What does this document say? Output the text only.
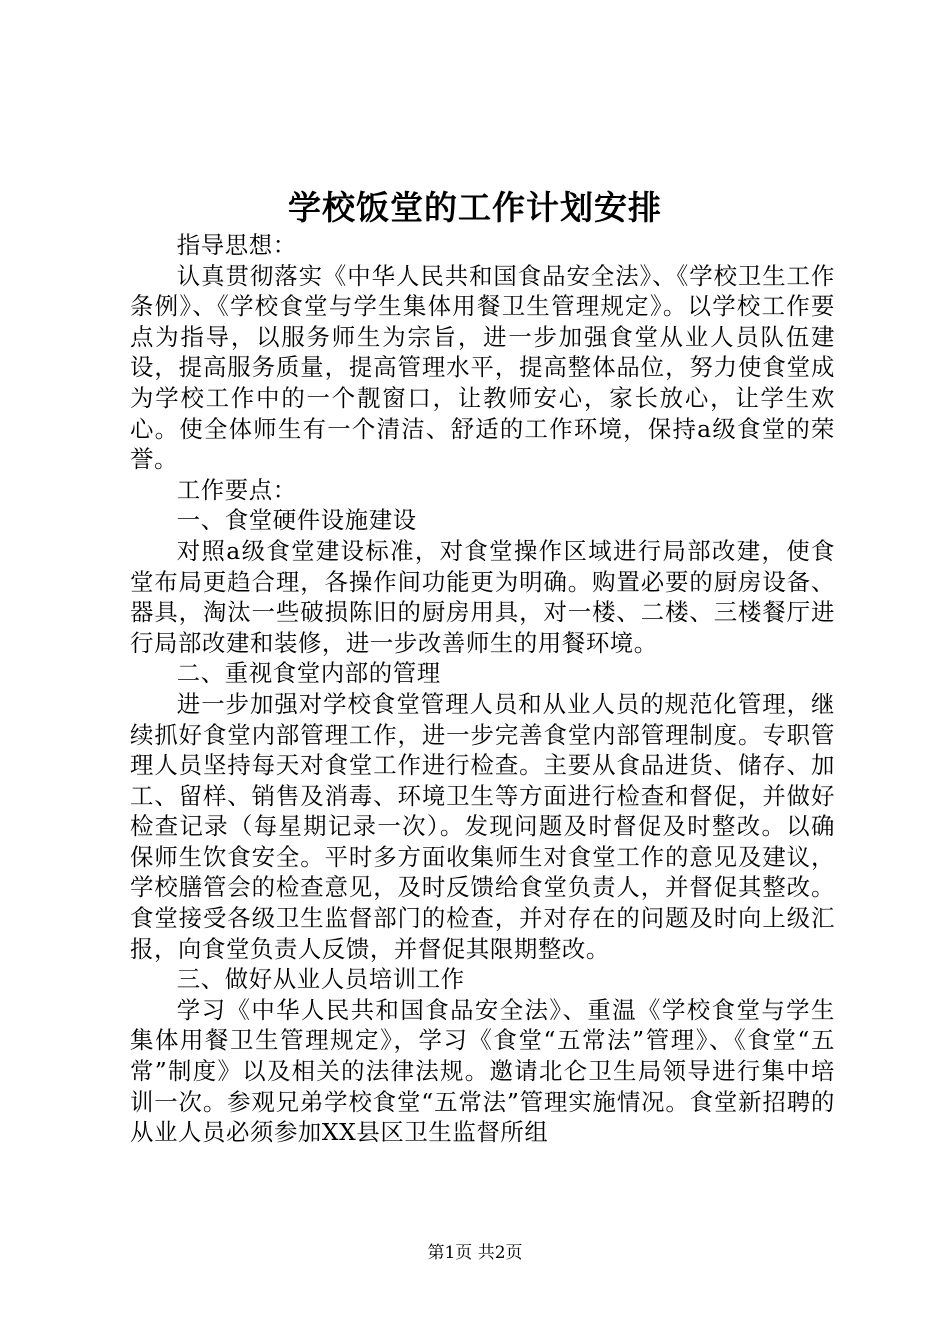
学校饭堂的工作计划安排

指导思想：

认真贯彻落实《中华人民共和国食品安全法》、《学校卫生工作条例》、《学校食堂与学生集体用餐卫生管理规定》。以学校工作要点为指导，以服务师生为宗旨，进一步加强食堂从业人员队伍建设，提高服务质量，提高管理水平，提高整体品位，努力使食堂成为学校工作中的一个靓窗口，让教师安心，家长放心，让学生欢心。使全体师生有一个清洁、舒适的工作环境，保持a级食堂的荣誉。

工作要点：

一、食堂硬件设施建设

对照a级食堂建设标准，对食堂操作区域进行局部改建，使食堂布局更趋合理，各操作间功能更为明确。购置必要的厨房设备、器具，淘汰一些破损陈旧的厨房用具，对一楼、二楼、三楼餐厅进行局部改建和装修，进一步改善师生的用餐环境。

二、重视食堂内部的管理

进一步加强对学校食堂管理人员和从业人员的规范化管理，继续抓好食堂内部管理工作，进一步完善食堂内部管理制度。专职管理人员坚持每天对食堂工作进行检查。主要从食品进货、储存、加工、留样、销售及消毒、环境卫生等方面进行检查和督促，并做好检查记录（每星期记录一次）。发现问题及时督促及时整改。以确保师生饮食安全。平时多方面收集师生对食堂工作的意见及建议，学校膳管会的检查意见，及时反馈给食堂负责人，并督促其整改。食堂接受各级卫生监督部门的检查，并对存在的问题及时向上级汇报，向食堂负责人反馈，并督促其限期整改。

三、做好从业人员培训工作

学习《中华人民共和国食品安全法》、重温《学校食堂与学生集体用餐卫生管理规定》，学习《食堂“五常法”管理》、《食堂“五常”制度》以及相关的法律法规。邀请北仑卫生局领导进行集中培训一次。参观兄弟学校食堂“五常法”管理实施情况。食堂新招聘的从业人员必须参加XX县区卫生监督所组

第1页 共2页
